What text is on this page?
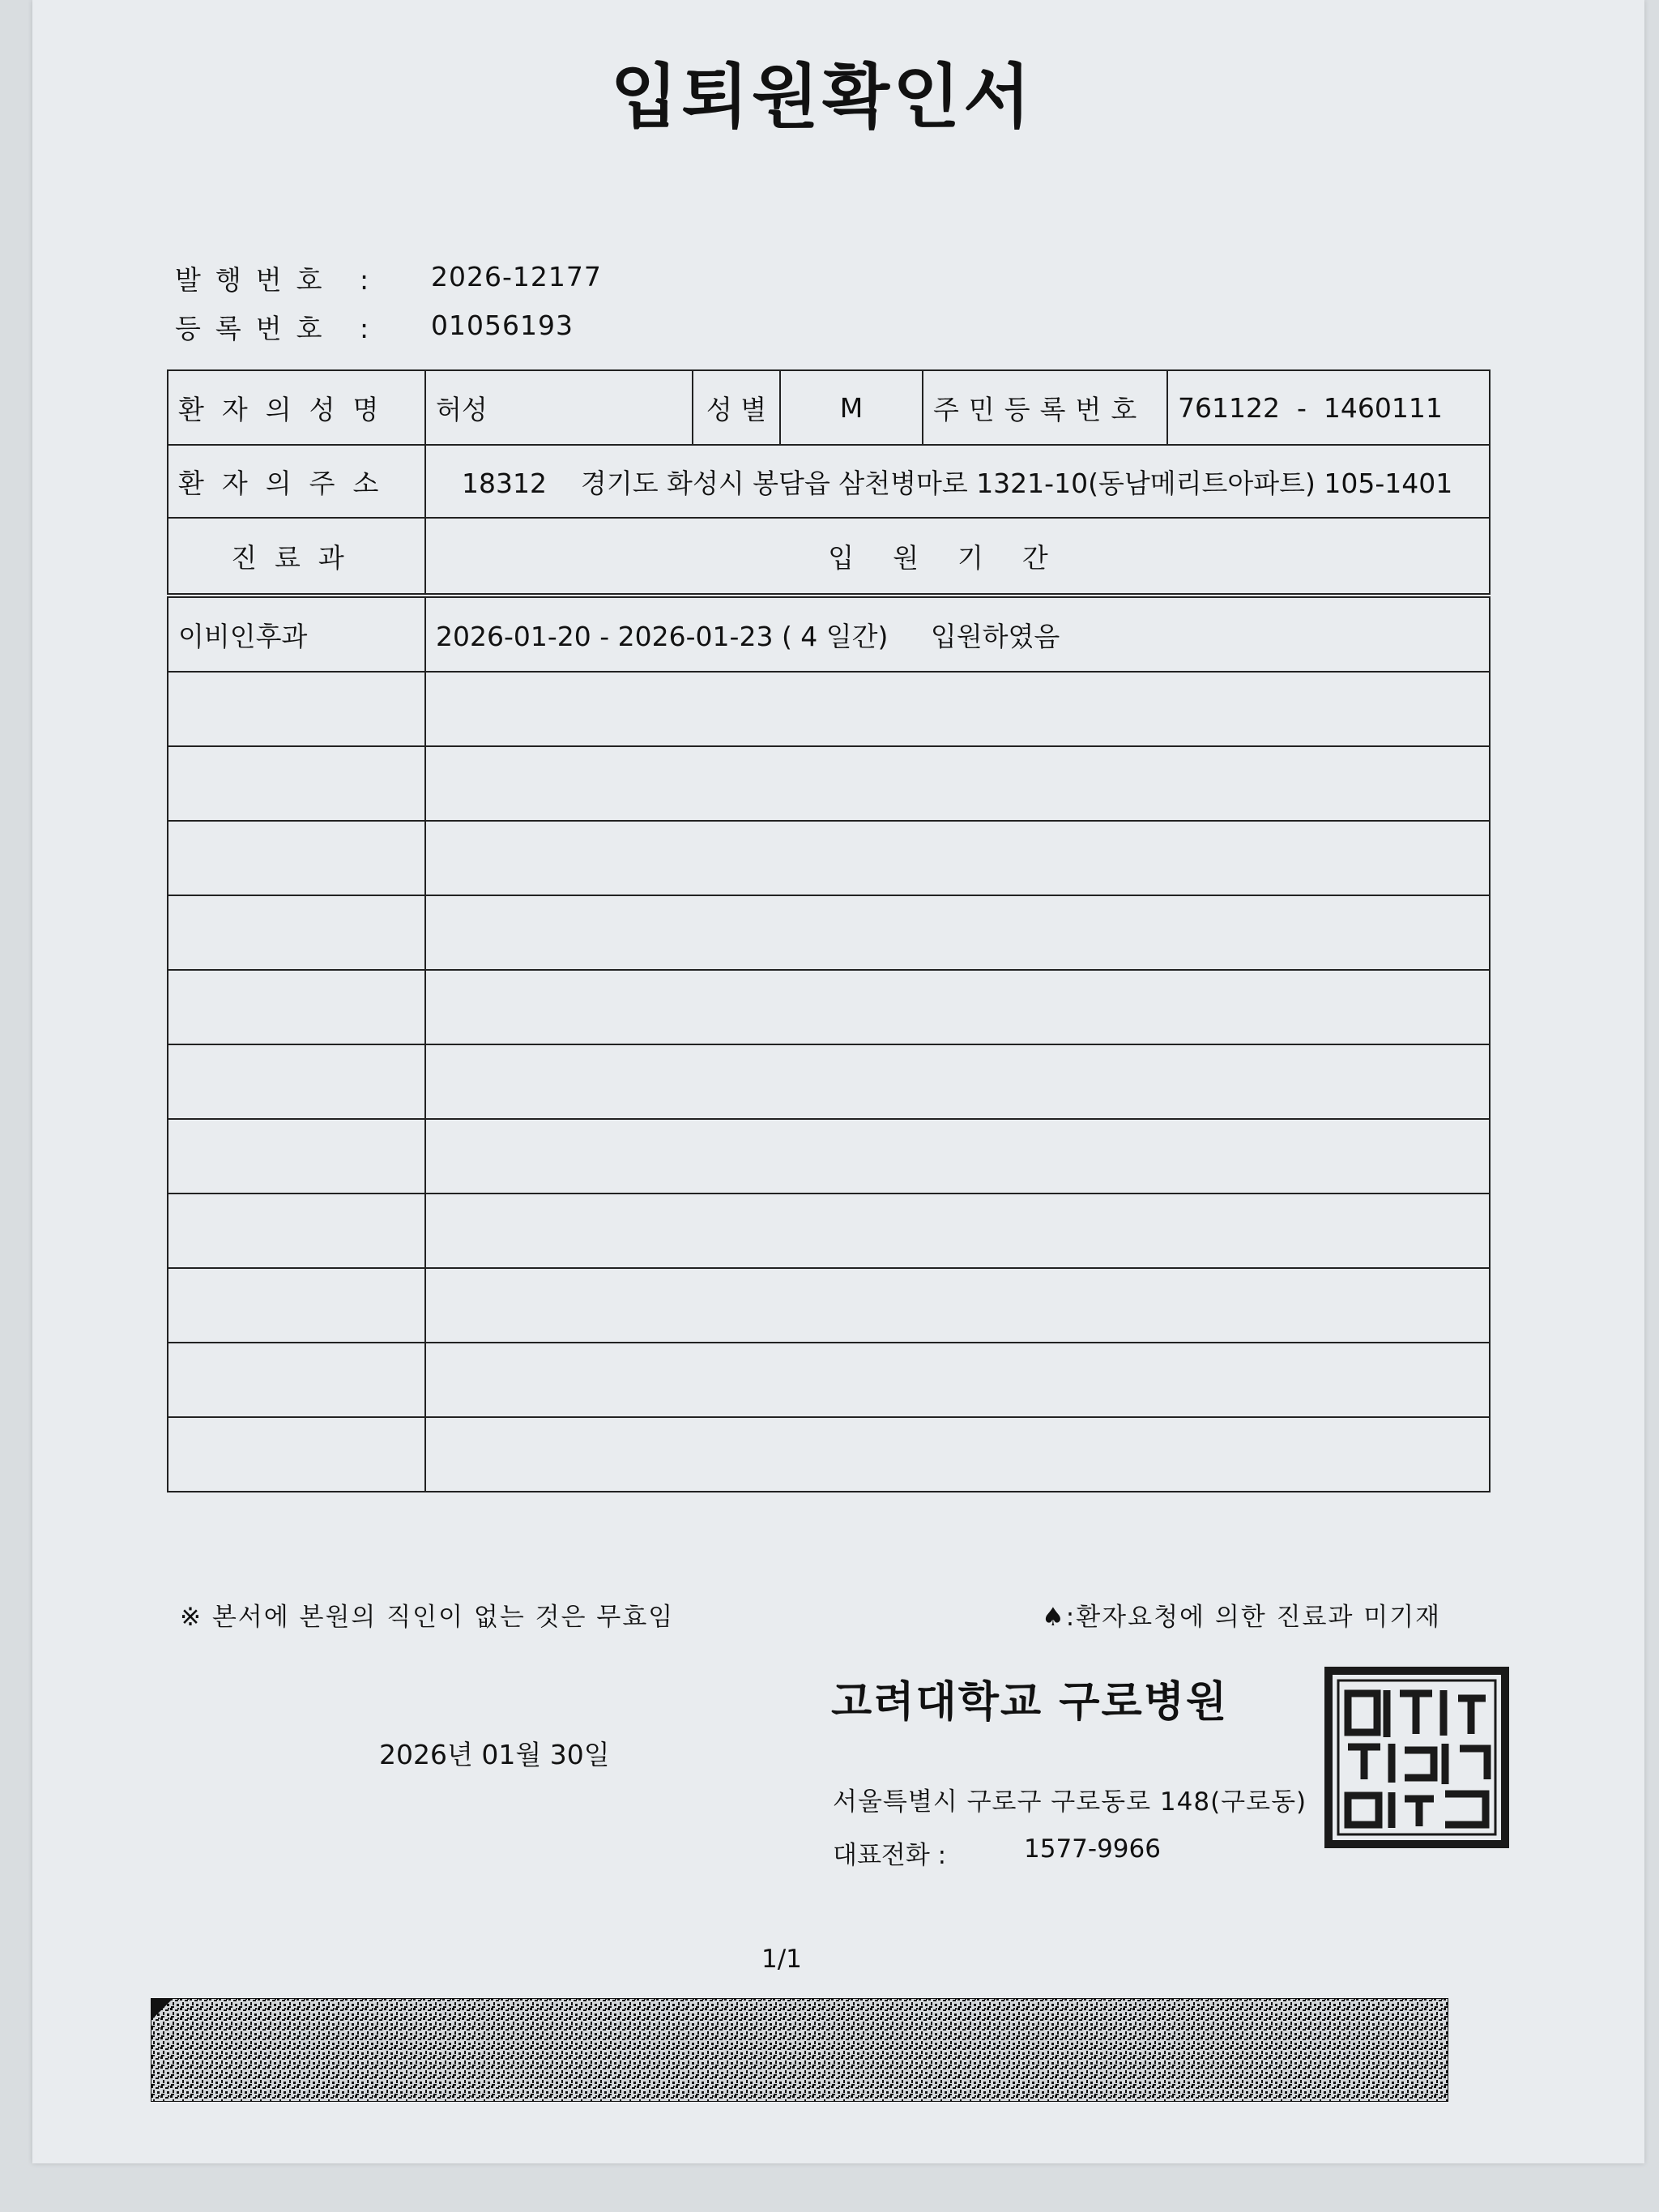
입퇴원확인서
발행번호 : 2026-12177
등록번호 : 01056193
환자의성명	허성	성 별	M	주민등록번호	761122  -  1460111
환자의주소	18312    경기도 화성시 봉담읍 삼천병마로 1321-10(동남메리트아파트) 105-1401				
진료과	입원기간				
이비인후과	2026-01-20 - 2026-01-23 ( 4 일간)     입원하였음				

※ 본서에 본원의 직인이 없는 것은 무효임	♠:환자요청에 의한 진료과 미기재
2026년 01월 30일
고려대학교 구로병원
서울특별시 구로구 구로동로 148(구로동)
대표전화 :	1577-9966
1/1
